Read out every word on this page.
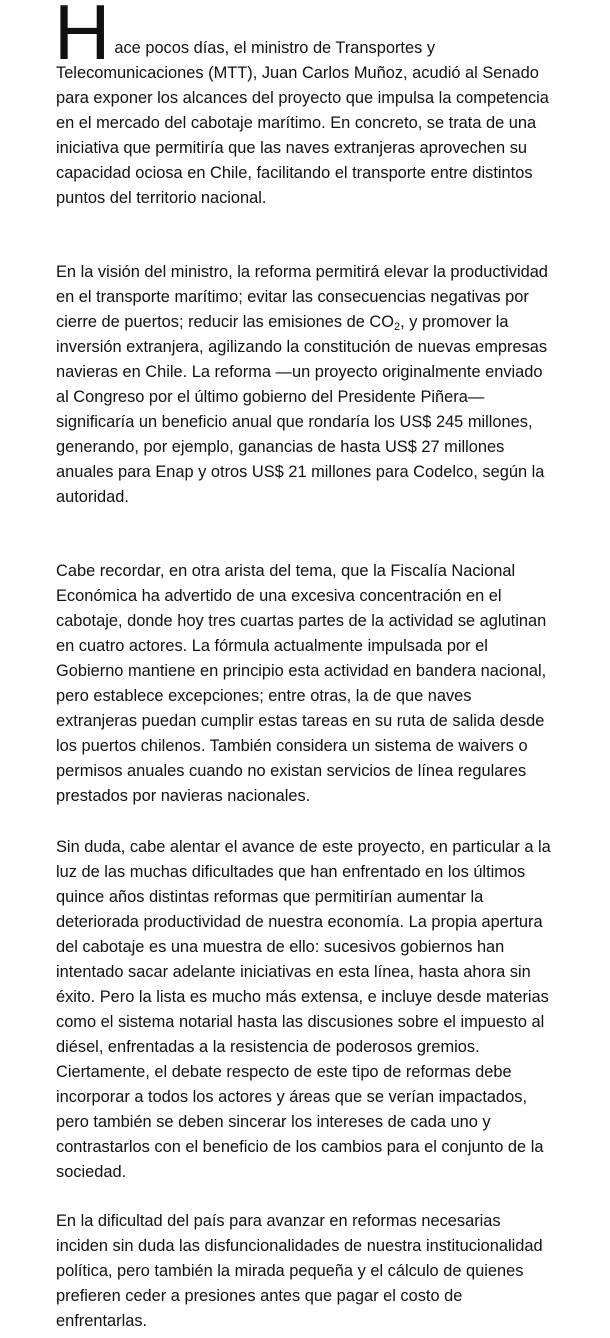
Hace pocos días, el ministro de Transportes y Telecomunicaciones (MTT), Juan Carlos Muñoz, acudió al Senado para exponer los alcances del proyecto que impulsa la competencia en el mercado del cabotaje marítimo. En concreto, se trata de una iniciativa que permitiría que las naves extranjeras aprovechen su capacidad ociosa en Chile, facilitando el transporte entre distintos puntos del territorio nacional.

En la visión del ministro, la reforma permitirá elevar la productividad en el transporte marítimo; evitar las consecuencias negativas por cierre de puertos; reducir las emisiones de $CO_2$, y promover la inversión extranjera, agilizando la constitución de nuevas empresas navieras en Chile. La reforma —un proyecto originalmente enviado al Congreso por el último gobierno del Presidente Piñera— significaría un beneficio anual que rondaría los US$ 245 millones, generando, por ejemplo, ganancias de hasta US$ 27 millones anuales para Enap y otros US$ 21 millones para Codelco, según la autoridad.

Cabe recordar, en otra arista del tema, que la Fiscalía Nacional Económica ha advertido de una excesiva concentración en el cabotaje, donde hoy tres cuartas partes de la actividad se aglutinan en cuatro actores. La fórmula actualmente impulsada por el Gobierno mantiene en principio esta actividad en bandera nacional, pero establece excepciones; entre otras, la de que naves extranjeras puedan cumplir estas tareas en su ruta de salida desde los puertos chilenos. También considera un sistema de waivers o permisos anuales cuando no existan servicios de línea regulares prestados por navieras nacionales.

Sin duda, cabe alentar el avance de este proyecto, en particular a la luz de las muchas dificultades que han enfrentado en los últimos quince años distintas reformas que permitirían aumentar la deteriorada productividad de nuestra economía. La propia apertura del cabotaje es una muestra de ello: sucesivos gobiernos han intentado sacar adelante iniciativas en esta línea, hasta ahora sin éxito. Pero la lista es mucho más extensa, e incluye desde materias como el sistema notarial hasta las discusiones sobre el impuesto al diésel, enfrentadas a la resistencia de poderosos gremios. Ciertamente, el debate respecto de este tipo de reformas debe incorporar a todos los actores y áreas que se verían impactados, pero también se deben sincerar los intereses de cada uno y contrastarlos con el beneficio de los cambios para el conjunto de la sociedad.

En la dificultad del país para avanzar en reformas necesarias inciden sin duda las disfuncionalidades de nuestra institucionalidad política, pero también la mirada pequeña y el cálculo de quienes prefieren ceder a presiones antes que pagar el costo de enfrentarlas.
